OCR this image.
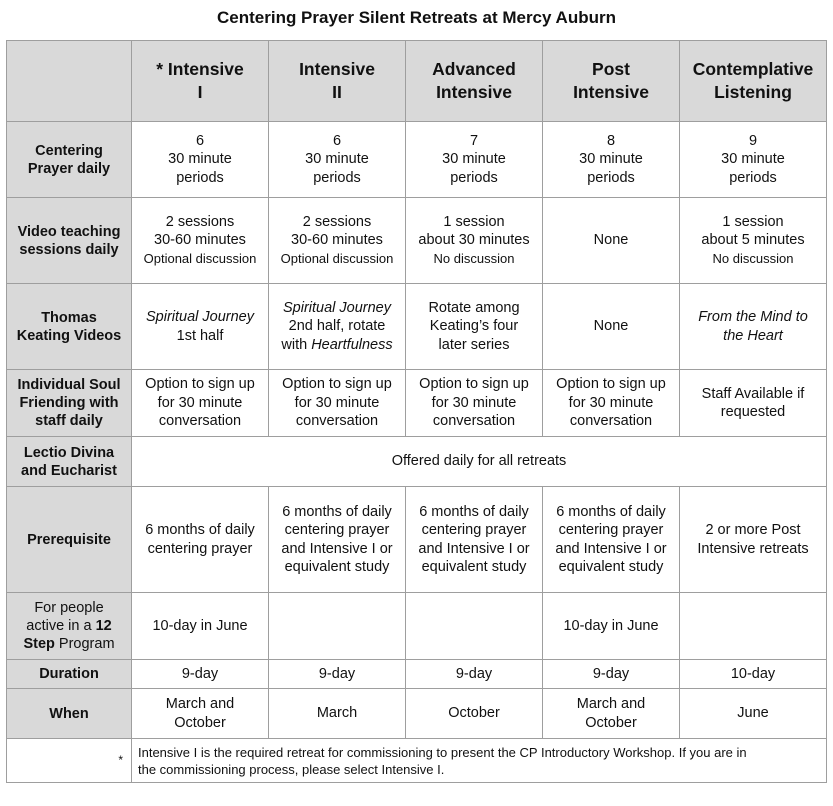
Centering Prayer Silent Retreats at Mercy Auburn
	* Intensive
I	Intensive
II	Advanced
Intensive	Post
Intensive	Contemplative
Listening
Centering
Prayer daily	6
30 minute
periods	6
30 minute
periods	7
30 minute
periods	8
30 minute
periods	9
30 minute
periods
Video teaching
sessions daily	2 sessions
30-60 minutes
Optional discussion	2 sessions
30-60 minutes
Optional discussion	1 session
about 30 minutes
No discussion	None	1 session
about 5 minutes
No discussion
Thomas
Keating Videos	Spiritual Journey
1st half	Spiritual Journey
2nd half, rotate
with Heartfulness	Rotate among
Keating’s four
later series	None	From the Mind to
the Heart
Individual Soul
Friending with
staff daily	Option to sign up
for 30 minute
conversation	Option to sign up
for 30 minute
conversation	Option to sign up
for 30 minute
conversation	Option to sign up
for 30 minute
conversation	Staff Available if
requested
Lectio Divina
and Eucharist	Offered daily for all retreats				
Prerequisite	6 months of daily
centering prayer	6 months of daily
centering prayer
and Intensive I or
equivalent study	6 months of daily
centering prayer
and Intensive I or
equivalent study	6 months of daily
centering prayer
and Intensive I or
equivalent study	2 or more Post
Intensive retreats
For people
active in a 12
Step Program	10-day in June			10-day in June	
Duration	9-day	9-day	9-day	9-day	10-day
When	March and
October	March	October	March and
October	June
*	Intensive I is the required retreat for commissioning to present the CP Introductory Workshop. If you are in
the commissioning process, please select Intensive I.				
